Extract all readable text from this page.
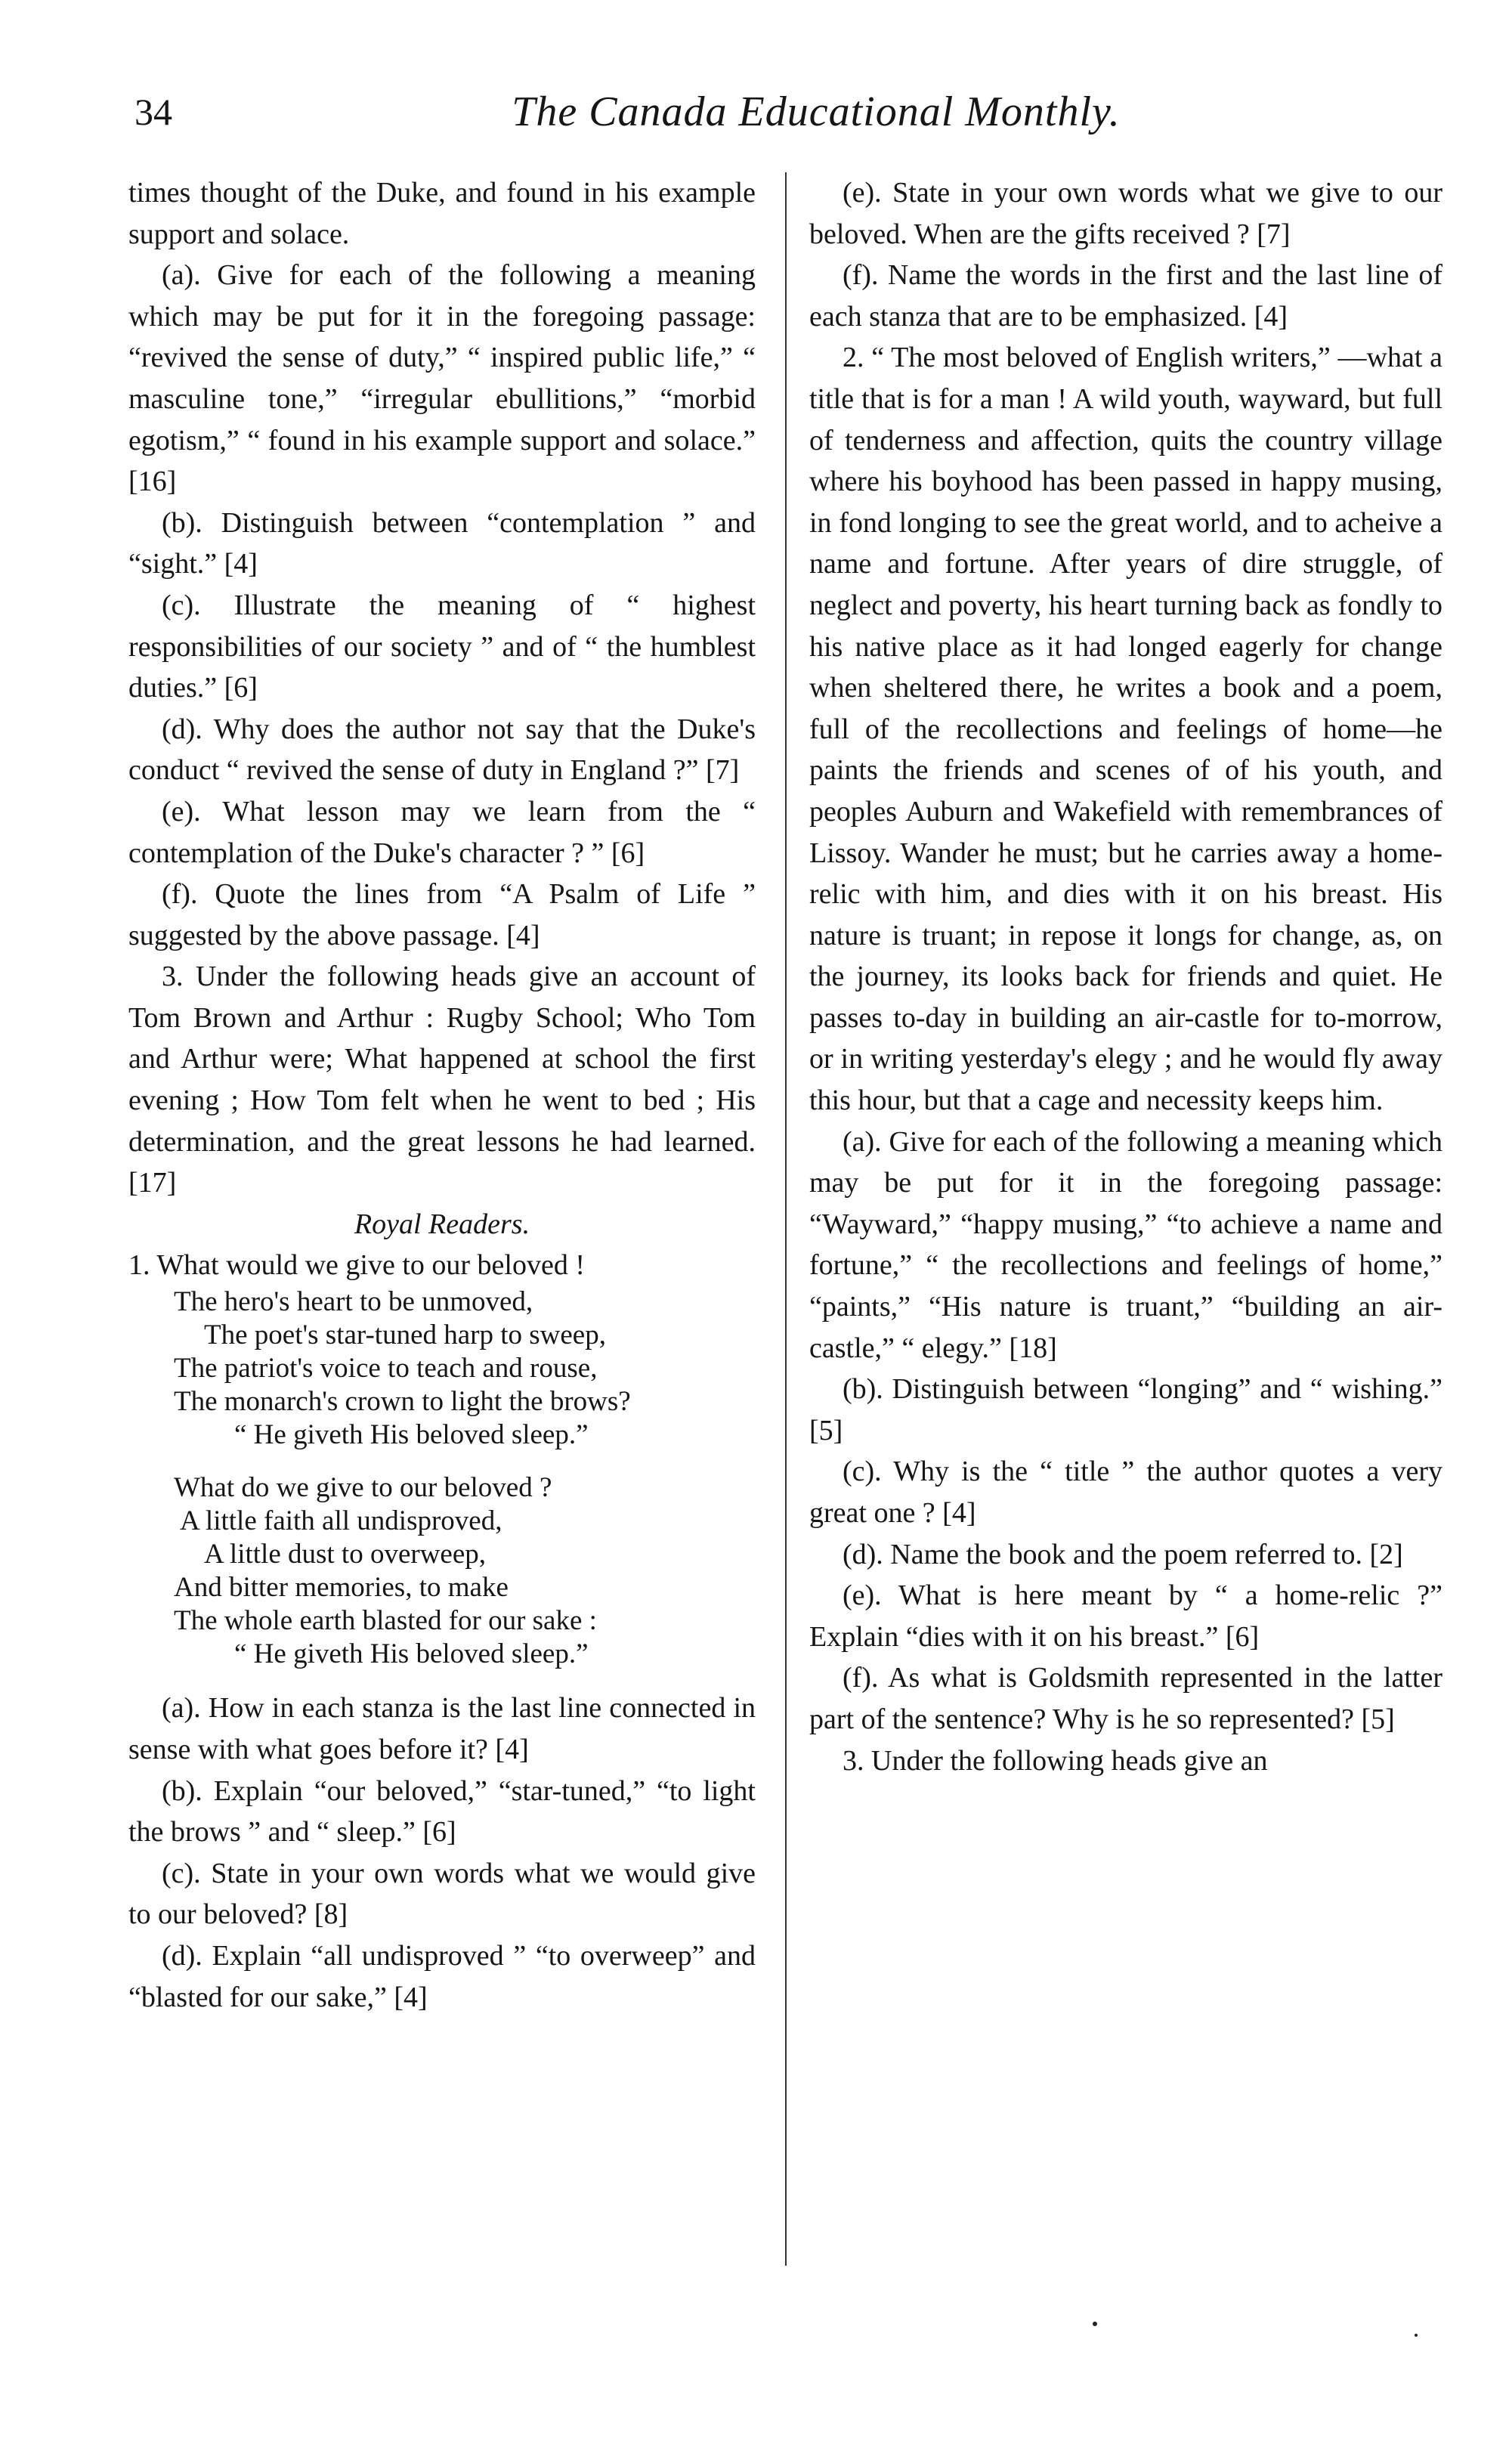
34	The Canada Educational Monthly.

times thought of the Duke, and found in his example support and solace.

(a). Give for each of the following a meaning which may be put for it in the foregoing passage: “revived the sense of duty,” “ inspired public life,” “ masculine tone,” “irregular ebullitions,” “morbid egotism,” “ found in his example support and solace.” [16]

(b). Distinguish between “contemplation ” and “sight.” [4]

(c). Illustrate the meaning of “ highest responsibilities of our society ” and of “ the humblest duties.” [6]

(d). Why does the author not say that the Duke's conduct “ revived the sense of duty in England ?” [7]

(e). What lesson may we learn from the “ contemplation of the Duke's character ? ” [6]

(f). Quote the lines from “A Psalm of Life ” suggested by the above passage. [4]

3. Under the following heads give an account of Tom Brown and Arthur : Rugby School; Who Tom and Arthur were; What happened at school the first evening ; How Tom felt when he went to bed ; His determination, and the great lessons he had learned. [17]

Royal Readers.

1. What would we give to our beloved !
The hero's heart to be unmoved,
The poet's star-tuned harp to sweep,
The patriot's voice to teach and rouse,
The monarch's crown to light the brows?
“ He giveth His beloved sleep.”
What do we give to our beloved ?
A little faith all undisproved,
A little dust to overweep,
And bitter memories, to make
The whole earth blasted for our sake :
“ He giveth His beloved sleep.”

(a). How in each stanza is the last line connected in sense with what goes before it? [4]

(b). Explain “our beloved,” “star-tuned,” “to light the brows ” and “ sleep.” [6]

(c). State in your own words what we would give to our beloved? [8]

(d). Explain “all undisproved ” “to overweep” and “blasted for our sake,” [4]

(e). State in your own words what we give to our beloved. When are the gifts received ? [7]

(f). Name the words in the first and the last line of each stanza that are to be emphasized. [4]

2. “ The most beloved of English writers,” —what a title that is for a man ! A wild youth, wayward, but full of tenderness and affection, quits the country village where his boyhood has been passed in happy musing, in fond longing to see the great world, and to acheive a name and fortune. After years of dire struggle, of neglect and poverty, his heart turning back as fondly to his native place as it had longed eagerly for change when sheltered there, he writes a book and a poem, full of the recollections and feelings of home—he paints the friends and scenes of of his youth, and peoples Auburn and Wakefield with remembrances of Lissoy. Wander he must; but he carries away a home-relic with him, and dies with it on his breast. His nature is truant; in repose it longs for change, as, on the journey, its looks back for friends and quiet. He passes to-day in building an air-castle for to-morrow, or in writing yesterday's elegy ; and he would fly away this hour, but that a cage and necessity keeps him.

(a). Give for each of the following a meaning which may be put for it in the foregoing passage: “Wayward,” “happy musing,” “to achieve a name and fortune,” “ the recollections and feelings of home,” “paints,” “His nature is truant,” “building an air-castle,” “ elegy.” [18]

(b). Distinguish between “longing” and “ wishing.” [5]

(c). Why is the “ title ” the author quotes a very great one ? [4]

(d). Name the book and the poem referred to. [2]

(e). What is here meant by “ a home-relic ?” Explain “dies with it on his breast.” [6]

(f). As what is Goldsmith represented in the latter part of the sentence? Why is he so represented? [5]

3. Under the following heads give an
